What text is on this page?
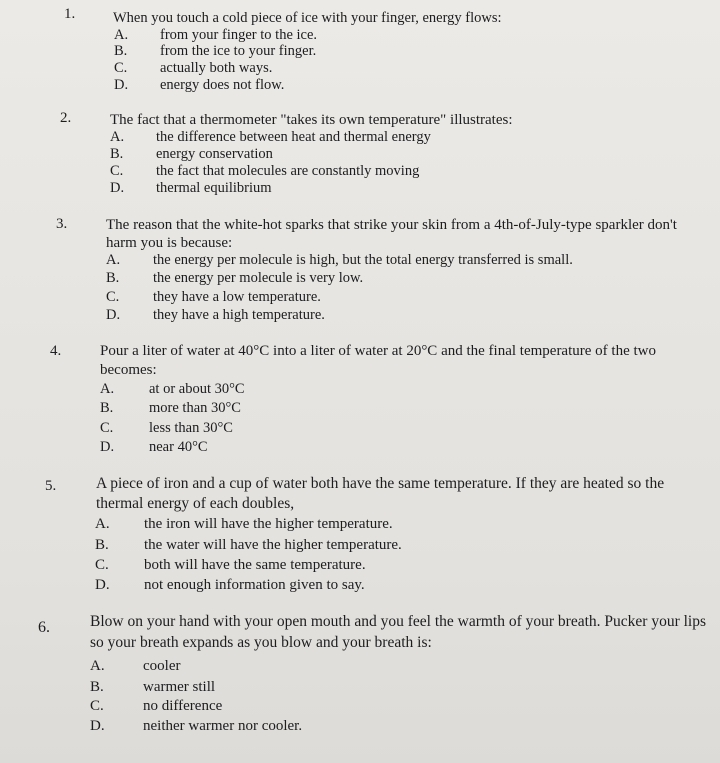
1.	When you touch a cold piece of ice with your finger, energy flows:
A. from your finger to the ice.
B. from the ice to your finger.
C. actually both ways.
D. energy does not flow.
2.	The fact that a thermometer "takes its own temperature" illustrates:
A. the difference between heat and thermal energy
B. energy conservation
C. the fact that molecules are constantly moving
D. thermal equilibrium
3.	The reason that the white-hot sparks that strike your skin from a 4th-of-July-type sparkler don't harm you is because:
A. the energy per molecule is high, but the total energy transferred is small.
B. the energy per molecule is very low.
C. they have a low temperature.
D. they have a high temperature.
4.	Pour a liter of water at 40°C into a liter of water at 20°C and the final temperature of the two becomes:
A. at or about 30°C
B. more than 30°C
C. less than 30°C
D. near 40°C
5.	A piece of iron and a cup of water both have the same temperature. If they are heated so the thermal energy of each doubles,
A. the iron will have the higher temperature.
B. the water will have the higher temperature.
C. both will have the same temperature.
D. not enough information given to say.
6.	Blow on your hand with your open mouth and you feel the warmth of your breath. Pucker your lips so your breath expands as you blow and your breath is:
A.	cooler
B.	warmer still
C.	no difference
D.	neither warmer nor cooler.
